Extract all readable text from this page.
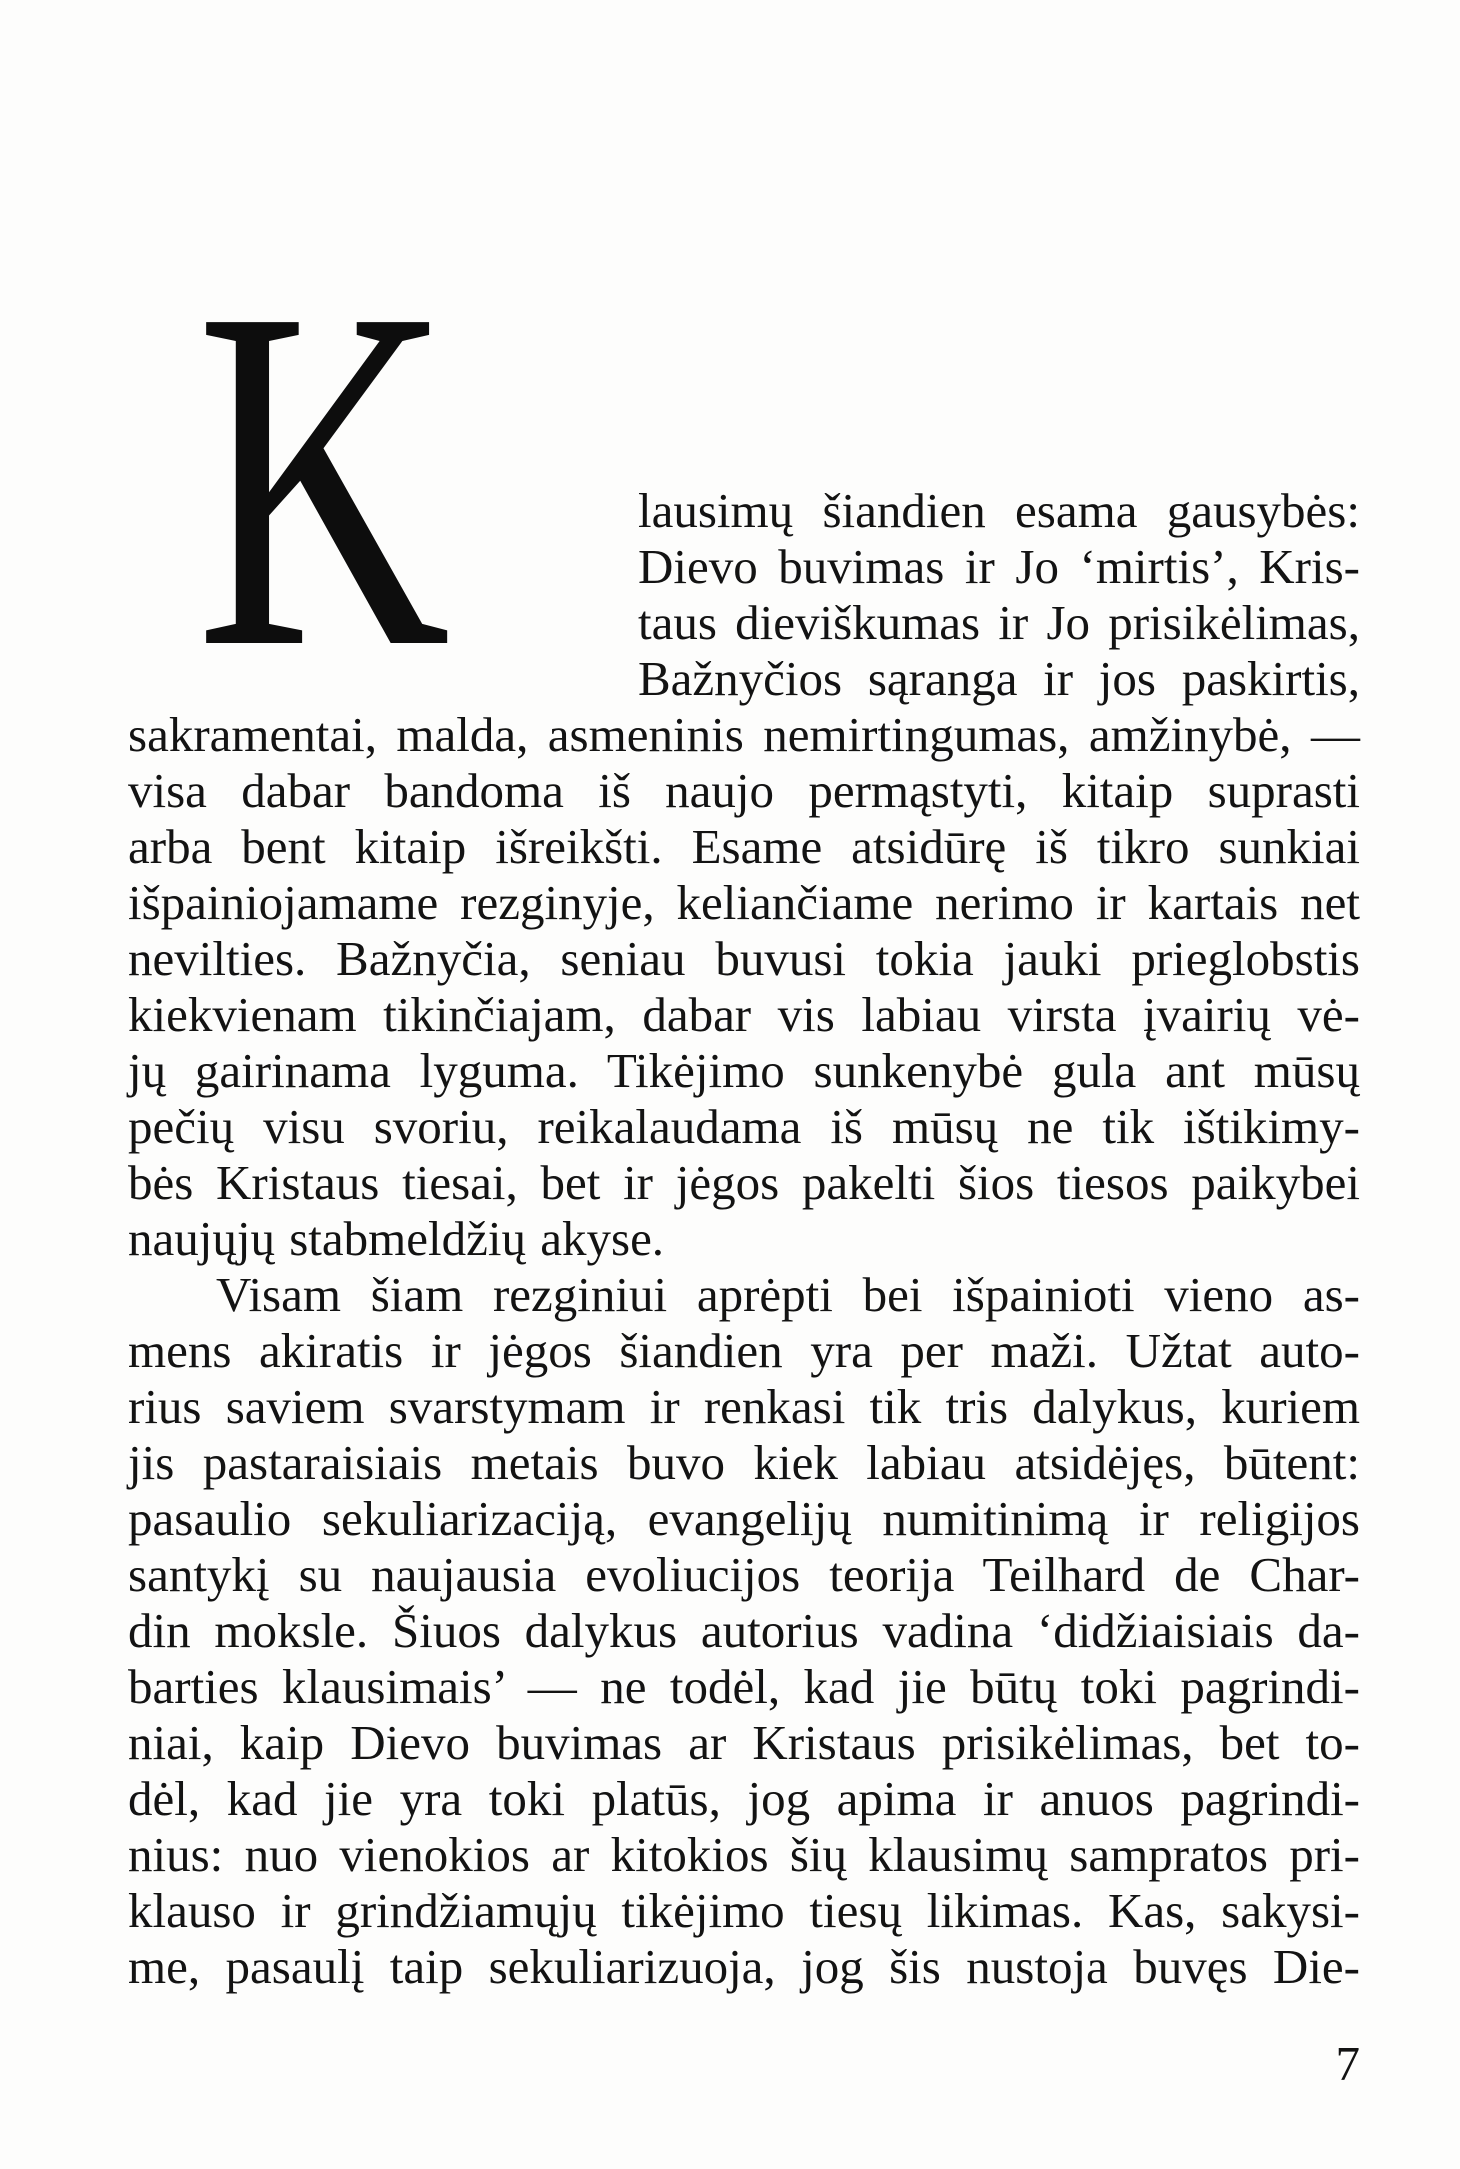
K	lausimų šiandien esama gausybės:
Dievo buvimas ir Jo ‘mirtis’, Kris-
taus dieviškumas ir Jo prisikėlimas,
Bažnyčios sąranga ir jos paskirtis,
sakramentai, malda, asmeninis nemirtingumas, amžinybė, —
visa dabar bandoma iš naujo permąstyti, kitaip suprasti
arba bent kitaip išreikšti. Esame atsidūrę iš tikro sunkiai
išpainiojamame rezginyje, keliančiame nerimo ir kartais net
nevilties. Bažnyčia, seniau buvusi tokia jauki prieglobstis
kiekvienam tikinčiajam, dabar vis labiau virsta įvairių vė-
jų gairinama lyguma. Tikėjimo sunkenybė gula ant mūsų
pečių visu svoriu, reikalaudama iš mūsų ne tik ištikimy-
bės Kristaus tiesai, bet ir jėgos pakelti šios tiesos paikybei
naujųjų stabmeldžių akyse.
Visam šiam rezginiui aprėpti bei išpainioti vieno as-
mens akiratis ir jėgos šiandien yra per maži. Užtat auto-
rius saviem svarstymam ir renkasi tik tris dalykus, kuriem
jis pastaraisiais metais buvo kiek labiau atsidėjęs, būtent:
pasaulio sekuliarizaciją, evangelijų numitinimą ir religijos
santykį su naujausia evoliucijos teorija Teilhard de Char-
din moksle. Šiuos dalykus autorius vadina ‘didžiaisiais da-
barties klausimais’ — ne todėl, kad jie būtų toki pagrindi-
niai, kaip Dievo buvimas ar Kristaus prisikėlimas, bet to-
dėl, kad jie yra toki platūs, jog apima ir anuos pagrindi-
nius: nuo vienokios ar kitokios šių klausimų sampratos pri-
klauso ir grindžiamųjų tikėjimo tiesų likimas. Kas, sakysi-
me, pasaulį taip sekuliarizuoja, jog šis nustoja buvęs Die-
7
